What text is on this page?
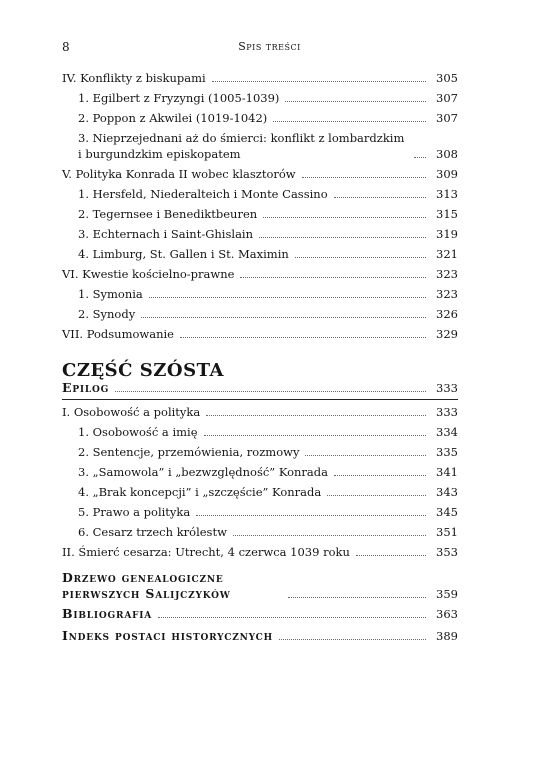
8	Spis treści
IV. Konflikty z biskupami	305
1. Egilbert z Fryzyngi (1005-1039)	307
2. Poppon z Akwilei (1019-1042)	307
3. Nieprzejednani aż do śmierci: konflikt z lombardzkim i burgundzkim episkopatem	308
V. Polityka Konrada II wobec klasztorów	309
1. Hersfeld, Niederalteich i Monte Cassino	313
2. Tegernsee i Benediktbeuren	315
3. Echternach i Saint-Ghislain	319
4. Limburg, St. Gallen i St. Maximin	321
VI. Kwestie kościelno-prawne	323
1. Symonia	323
2. Synody	326
VII. Podsumowanie	329
CZĘŚĆ SZÓSTA
Epilog	333
I. Osobowość a polityka	333
1. Osobowość a imię	334
2. Sentencje, przemówienia, rozmowy	335
3. „Samowola” i „bezwzględność” Konrada	341
4. „Brak koncepcji” i „szczęście” Konrada	343
5. Prawo a polityka	345
6. Cesarz trzech królestw	351
II. Śmierć cesarza: Utrecht, 4 czerwca 1039 roku	353
Drzewo genealogiczne pierwszych Salijczyków	359
Bibliografia	363
Indeks postaci historycznych	389
